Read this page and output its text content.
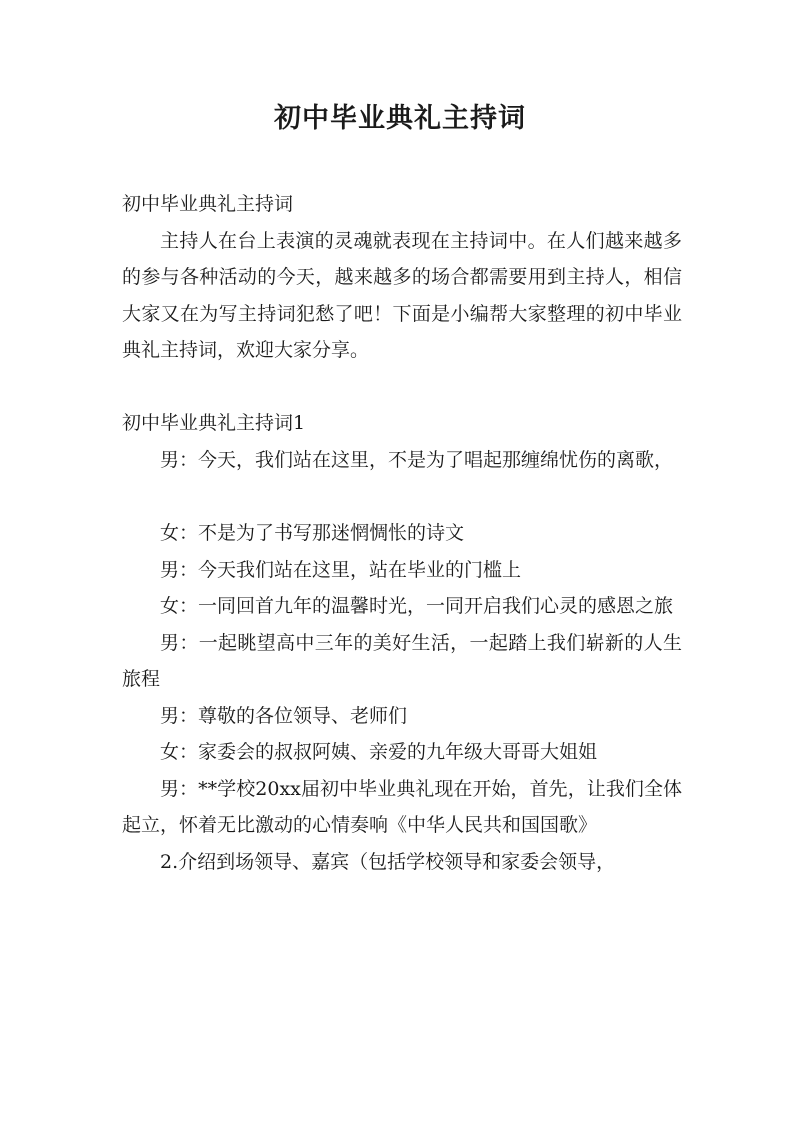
初中毕业典礼主持词

初中毕业典礼主持词

主持人在台上表演的灵魂就表现在主持词中。在人们越来越多的参与各种活动的今天，越来越多的场合都需要用到主持人，相信大家又在为写主持词犯愁了吧！下面是小编帮大家整理的初中毕业典礼主持词，欢迎大家分享。

初中毕业典礼主持词1

男：今天，我们站在这里，不是为了唱起那缠绵忧伤的离歌，

女：不是为了书写那迷惘惆怅的诗文

男：今天我们站在这里，站在毕业的门槛上

女：一同回首九年的温馨时光，一同开启我们心灵的感恩之旅

男：一起眺望高中三年的美好生活，一起踏上我们崭新的人生旅程

男：尊敬的各位领导、老师们

女：家委会的叔叔阿姨、亲爱的九年级大哥哥大姐姐

男：**学校20xx届初中毕业典礼现在开始，首先，让我们全体起立，怀着无比激动的心情奏响《中华人民共和国国歌》

2.介绍到场领导、嘉宾（包括学校领导和家委会领导，
